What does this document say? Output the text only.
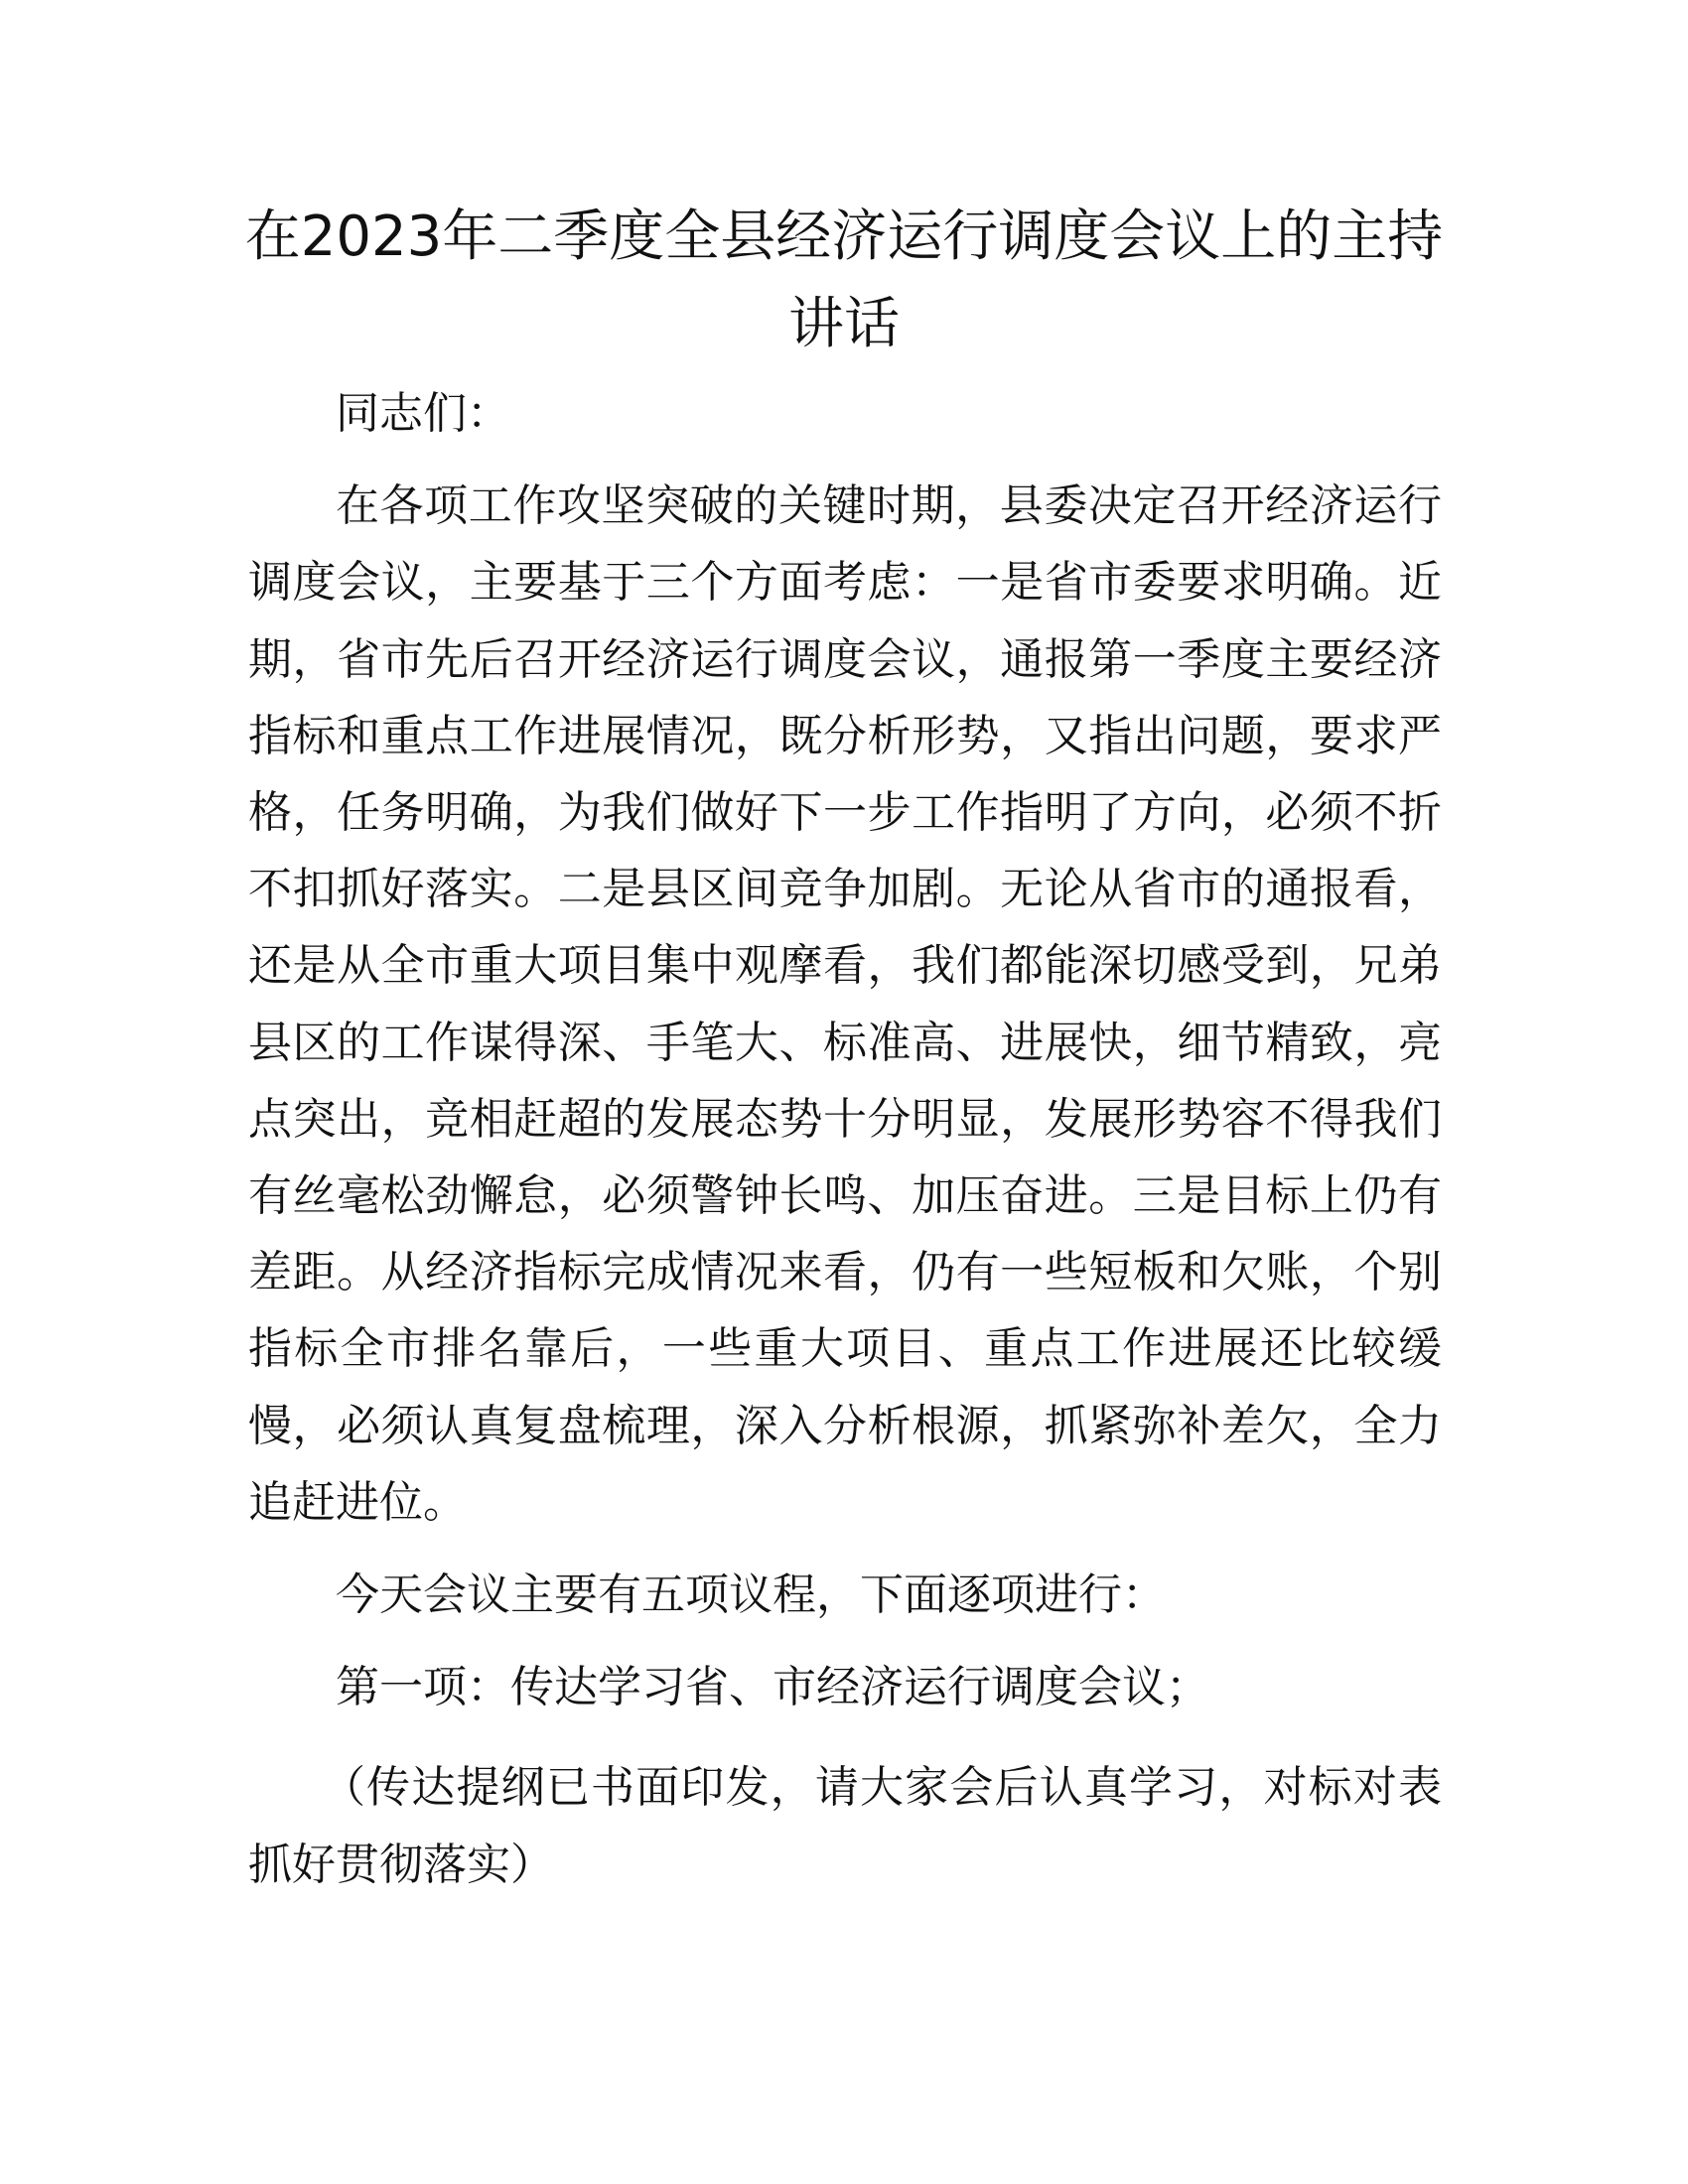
在2023年二季度全县经济运行调度会议上的主持讲话

同志们：

在各项工作攻坚突破的关键时期，县委决定召开经济运行调度会议，主要基于三个方面考虑：一是省市委要求明确。近期，省市先后召开经济运行调度会议，通报第一季度主要经济指标和重点工作进展情况，既分析形势，又指出问题，要求严格，任务明确，为我们做好下一步工作指明了方向，必须不折不扣抓好落实。二是县区间竞争加剧。无论从省市的通报看，还是从全市重大项目集中观摩看，我们都能深切感受到，兄弟县区的工作谋得深、手笔大、标准高、进展快，细节精致，亮点突出，竞相赶超的发展态势十分明显，发展形势容不得我们有丝毫松劲懈怠，必须警钟长鸣、加压奋进。三是目标上仍有差距。从经济指标完成情况来看，仍有一些短板和欠账，个别指标全市排名靠后，一些重大项目、重点工作进展还比较缓慢，必须认真复盘梳理，深入分析根源，抓紧弥补差欠，全力追赶进位。

今天会议主要有五项议程，下面逐项进行：

第一项：传达学习省、市经济运行调度会议；

（传达提纲已书面印发，请大家会后认真学习，对标对表抓好贯彻落实）
